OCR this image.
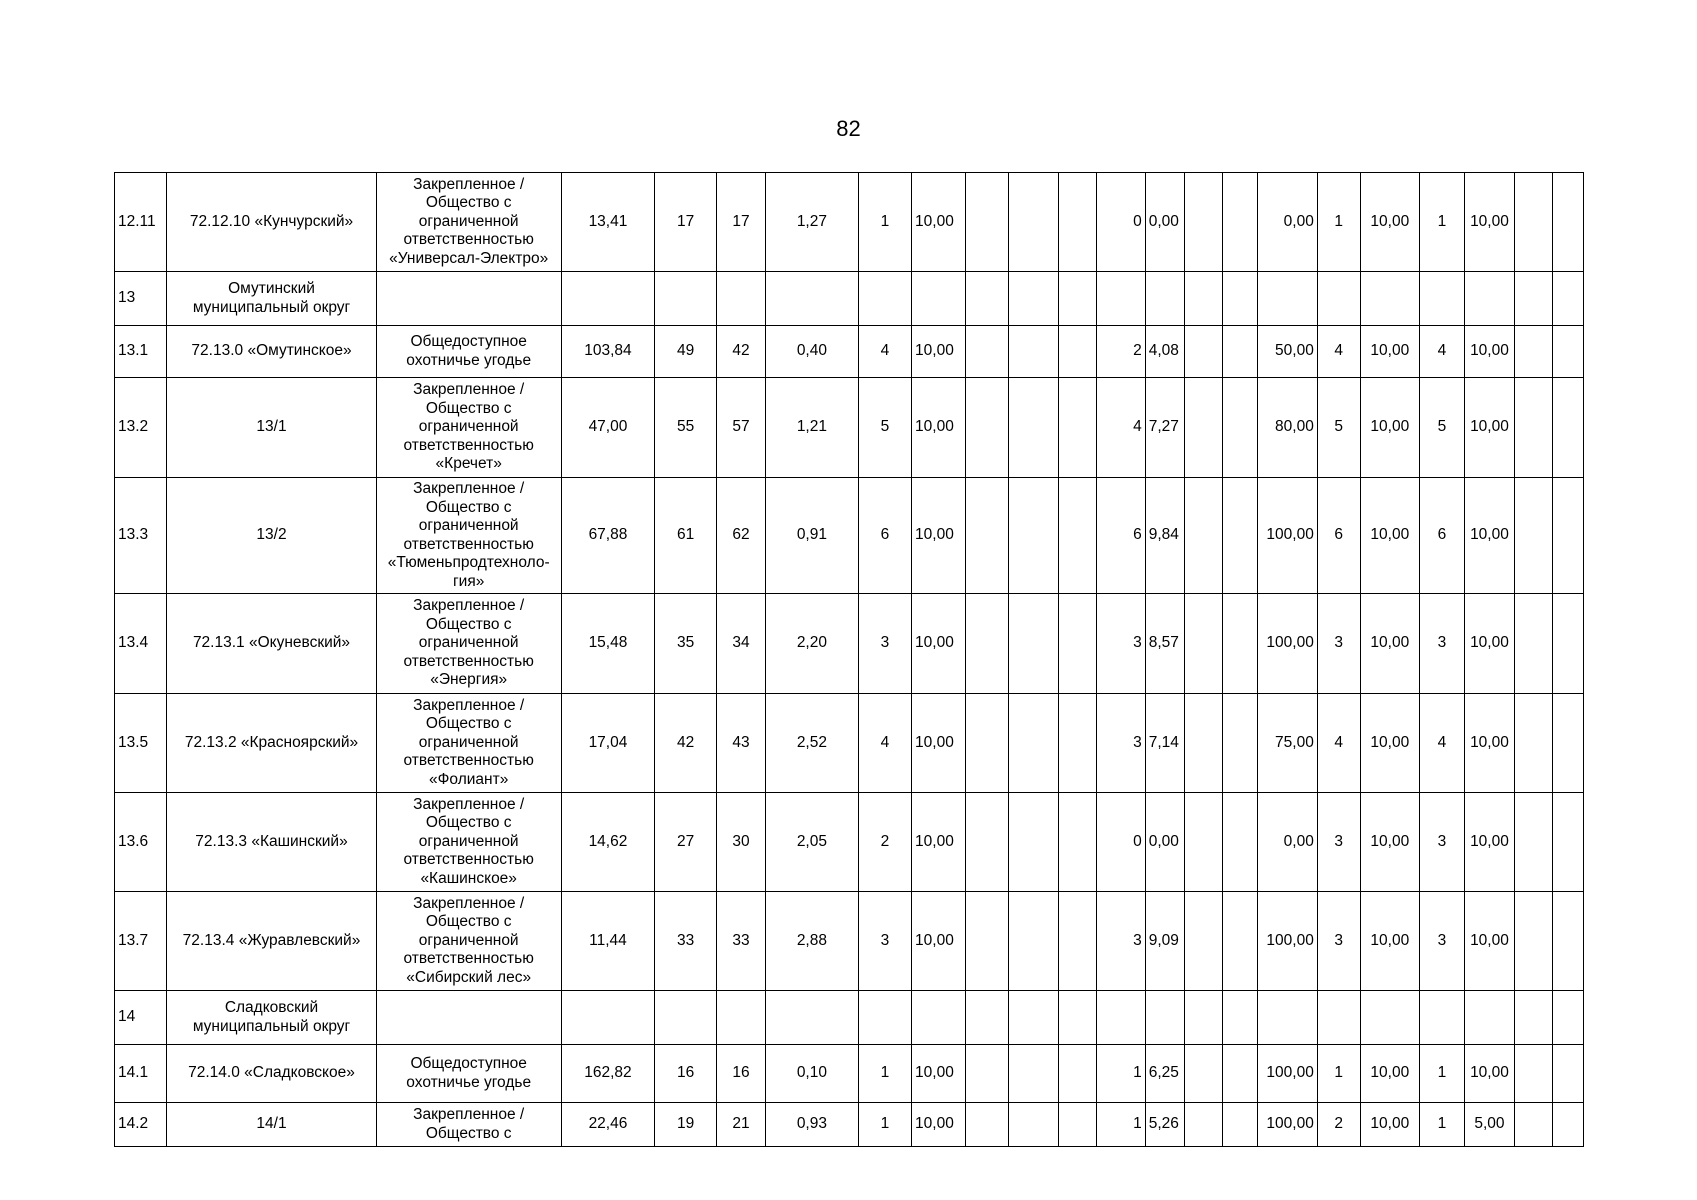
82
12.11	72.12.10 «Кунчурский»	Закрепленное / Общество с ограниченной ответственностью «Универсал-Электро»	13,41	17	17	1,27	1	10,00				0	0,00			0,00	1	10,00	1	10,00		
13	Омутинский муниципальный округ																					
13.1	72.13.0 «Омутинское»	Общедоступное охотничье угодье	103,84	49	42	0,40	4	10,00				2	4,08			50,00	4	10,00	4	10,00		
13.2	13/1	Закрепленное / Общество с ограниченной ответственностью «Кречет»	47,00	55	57	1,21	5	10,00				4	7,27			80,00	5	10,00	5	10,00		
13.3	13/2	Закрепленное / Общество с ограниченной ответственностью «Тюменьпродтехноло-гия»	67,88	61	62	0,91	6	10,00				6	9,84			100,00	6	10,00	6	10,00		
13.4	72.13.1 «Окуневский»	Закрепленное / Общество с ограниченной ответственностью «Энергия»	15,48	35	34	2,20	3	10,00				3	8,57			100,00	3	10,00	3	10,00		
13.5	72.13.2 «Красноярский»	Закрепленное / Общество с ограниченной ответственностью «Фолиант»	17,04	42	43	2,52	4	10,00				3	7,14			75,00	4	10,00	4	10,00		
13.6	72.13.3 «Кашинский»	Закрепленное / Общество с ограниченной ответственностью «Кашинское»	14,62	27	30	2,05	2	10,00				0	0,00			0,00	3	10,00	3	10,00		
13.7	72.13.4 «Журавлевский»	Закрепленное / Общество с ограниченной ответственностью «Сибирский лес»	11,44	33	33	2,88	3	10,00				3	9,09			100,00	3	10,00	3	10,00		
14	Сладковский муниципальный округ																					
14.1	72.14.0 «Сладковское»	Общедоступное охотничье угодье	162,82	16	16	0,10	1	10,00				1	6,25			100,00	1	10,00	1	10,00		
14.2	14/1	Закрепленное / Общество с	22,46	19	21	0,93	1	10,00				1	5,26			100,00	2	10,00	1	5,00		
